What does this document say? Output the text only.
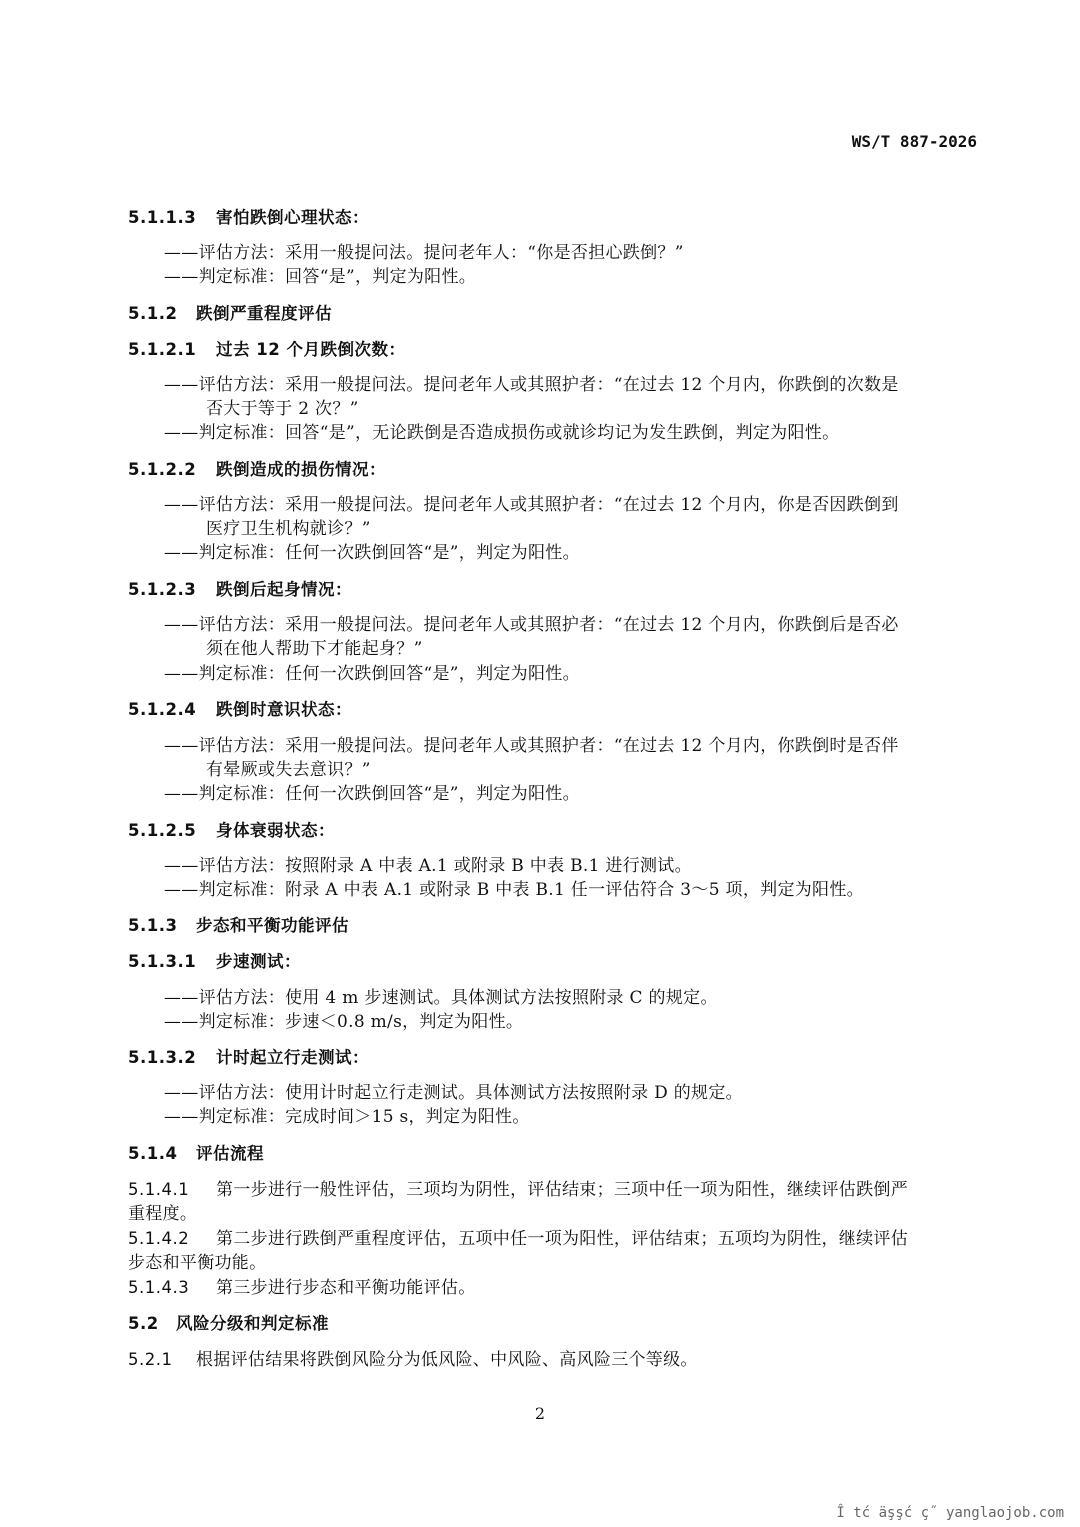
WS/T 887-2026
5.1.1.3 害怕跌倒心理状态：
——评估方法：采用一般提问法。提问老年人：“你是否担心跌倒？”
——判定标准：回答“是”，判定为阳性。
5.1.2 跌倒严重程度评估
5.1.2.1 过去 12 个月跌倒次数：
——评估方法：采用一般提问法。提问老年人或其照护者：“在过去 12 个月内，你跌倒的次数是
否大于等于 2 次？”
——判定标准：回答“是”，无论跌倒是否造成损伤或就诊均记为发生跌倒，判定为阳性。
5.1.2.2 跌倒造成的损伤情况：
——评估方法：采用一般提问法。提问老年人或其照护者：“在过去 12 个月内，你是否因跌倒到
医疗卫生机构就诊？”
——判定标准：任何一次跌倒回答“是”，判定为阳性。
5.1.2.3 跌倒后起身情况：
——评估方法：采用一般提问法。提问老年人或其照护者：“在过去 12 个月内，你跌倒后是否必
须在他人帮助下才能起身？”
——判定标准：任何一次跌倒回答“是”，判定为阳性。
5.1.2.4 跌倒时意识状态：
——评估方法：采用一般提问法。提问老年人或其照护者：“在过去 12 个月内，你跌倒时是否伴
有晕厥或失去意识？”
——判定标准：任何一次跌倒回答“是”，判定为阳性。
5.1.2.5 身体衰弱状态：
——评估方法：按照附录 A 中表 A.1 或附录 B 中表 B.1 进行测试。
——判定标准：附录 A 中表 A.1 或附录 B 中表 B.1 任一评估符合 3～5 项，判定为阳性。
5.1.3 步态和平衡功能评估
5.1.3.1 步速测试：
——评估方法：使用 4 m 步速测试。具体测试方法按照附录 C 的规定。
——判定标准：步速＜0.8 m/s，判定为阳性。
5.1.3.2 计时起立行走测试：
——评估方法：使用计时起立行走测试。具体测试方法按照附录 D 的规定。
——判定标准：完成时间＞15 s，判定为阳性。
5.1.4 评估流程
5.1.4.1 第一步进行一般性评估，三项均为阴性，评估结束；三项中任一项为阳性，继续评估跌倒严
重程度。
5.1.4.2 第二步进行跌倒严重程度评估，五项中任一项为阳性，评估结束；五项均为阴性，继续评估
步态和平衡功能。
5.1.4.3 第三步进行步态和平衡功能评估。
5.2 风险分级和判定标准
5.2.1 根据评估结果将跌倒风险分为低风险、中风险、高风险三个等级。
2
Î tć äşşć ç˝ yanglaojob.com
